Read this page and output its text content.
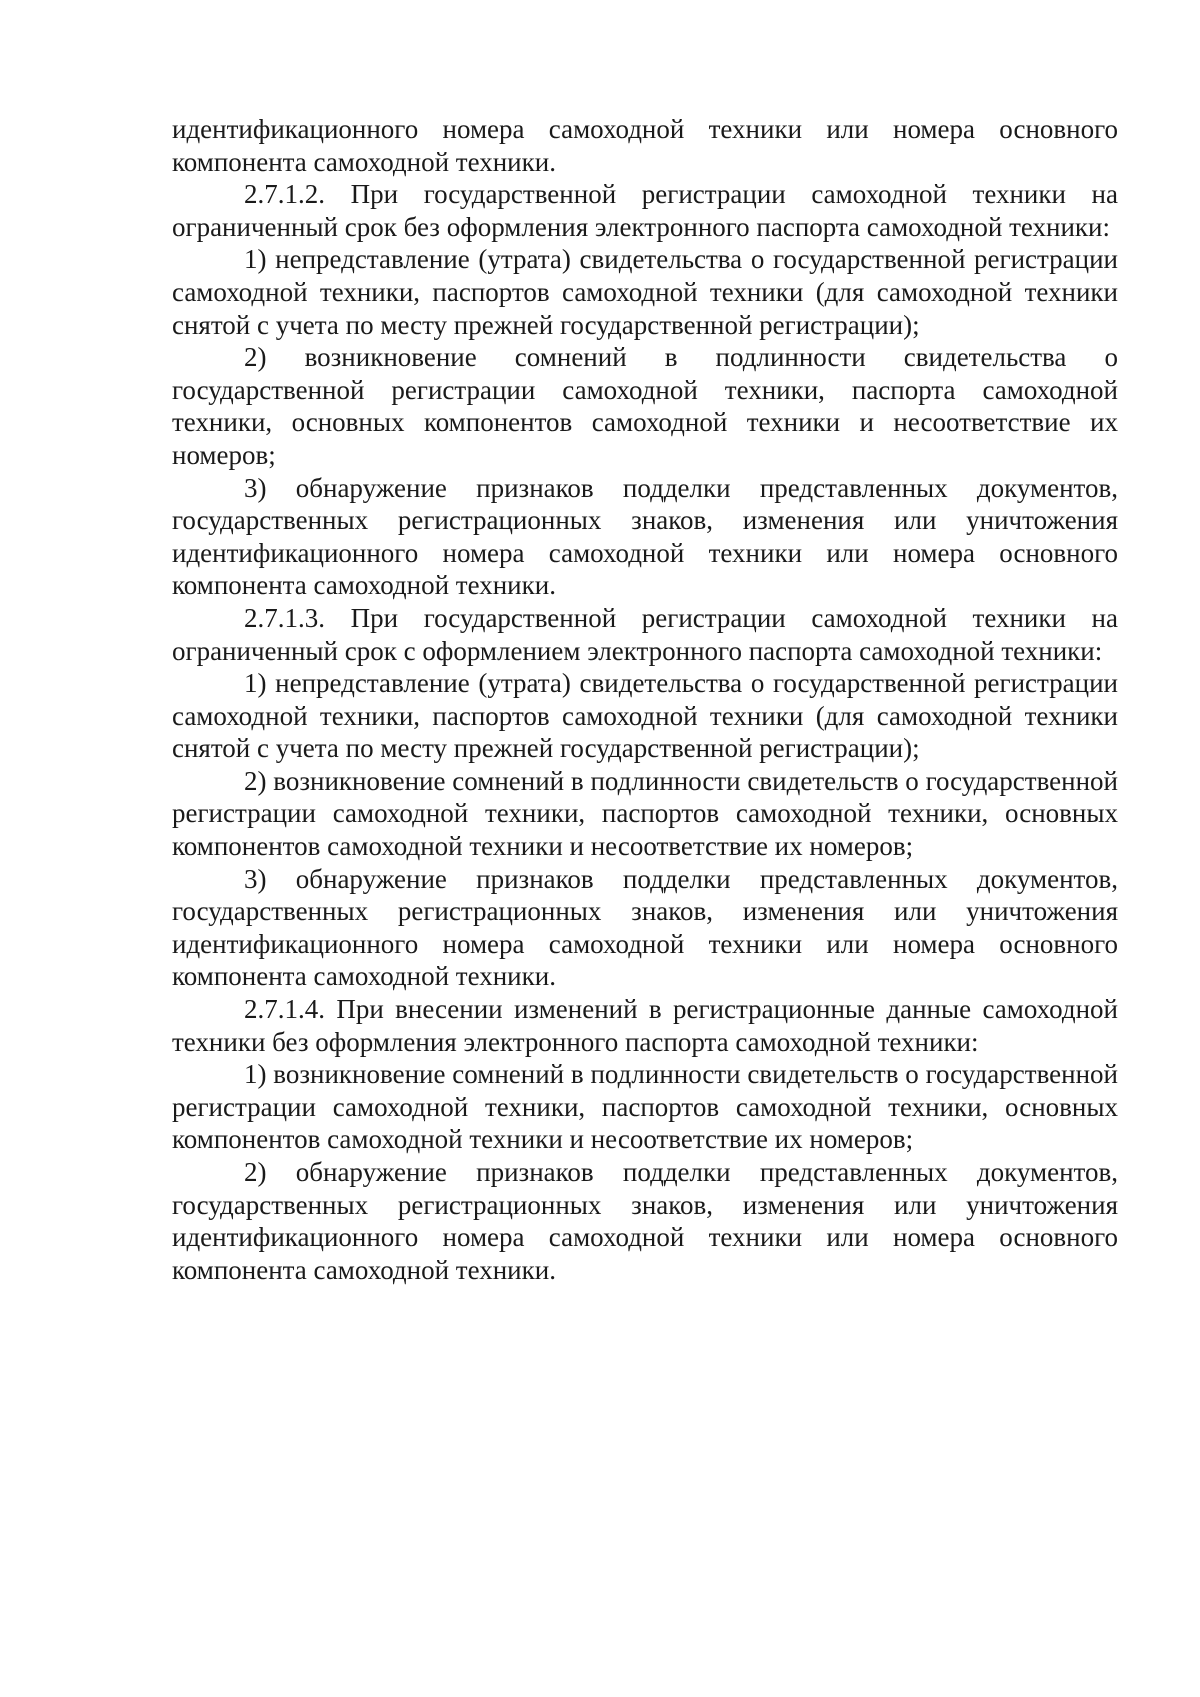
идентификационного номера самоходной техники или номера основного компонента самоходной техники.

2.7.1.2. При государственной регистрации самоходной техники на ограниченный срок без оформления электронного паспорта самоходной техники:

1) непредставление (утрата) свидетельства о государственной регистрации самоходной техники, паспортов самоходной техники (для самоходной техники снятой с учета по месту прежней государственной регистрации);

2) возникновение сомнений в подлинности свидетельства о государственной регистрации самоходной техники, паспорта самоходной техники, основных компонентов самоходной техники и несоответствие их номеров;

3) обнаружение признаков подделки представленных документов, государственных регистрационных знаков, изменения или уничтожения идентификационного номера самоходной техники или номера основного компонента самоходной техники.

2.7.1.3. При государственной регистрации самоходной техники на ограниченный срок с оформлением электронного паспорта самоходной техники:

1) непредставление (утрата) свидетельства о государственной регистрации самоходной техники, паспортов самоходной техники (для самоходной техники снятой с учета по месту прежней государственной регистрации);

2) возникновение сомнений в подлинности свидетельств о государственной регистрации самоходной техники, паспортов самоходной техники, основных компонентов самоходной техники и несоответствие их номеров;

3) обнаружение признаков подделки представленных документов, государственных регистрационных знаков, изменения или уничтожения идентификационного номера самоходной техники или номера основного компонента самоходной техники.

2.7.1.4. При внесении изменений в регистрационные данные самоходной техники без оформления электронного паспорта самоходной техники:

1) возникновение сомнений в подлинности свидетельств о государственной регистрации самоходной техники, паспортов самоходной техники, основных компонентов самоходной техники и несоответствие их номеров;

2) обнаружение признаков подделки представленных документов, государственных регистрационных знаков, изменения или уничтожения идентификационного номера самоходной техники или номера основного компонента самоходной техники.
